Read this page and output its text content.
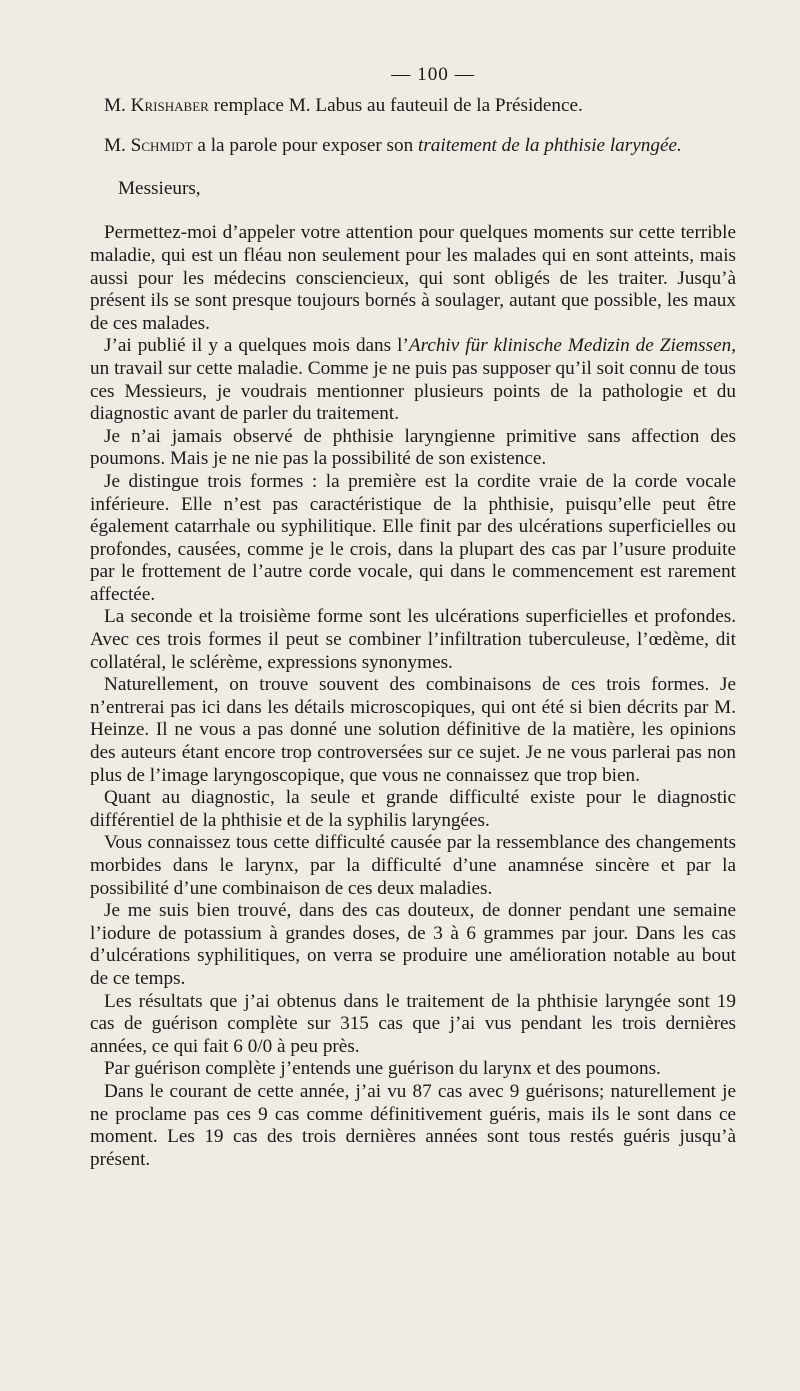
— 100 —

M. Krishaber remplace M. Labus au fauteuil de la Présidence.

M. Schmidt a la parole pour exposer son traitement de la phthisie laryngée.

Messieurs,

Permettez-moi d’appeler votre attention pour quelques moments sur cette terrible maladie, qui est un fléau non seulement pour les malades qui en sont atteints, mais aussi pour les médecins consciencieux, qui sont obligés de les traiter. Jusqu’à présent ils se sont presque toujours bornés à soulager, autant que possible, les maux de ces malades.

J’ai publié il y a quelques mois dans l’Archiv für klinische Medizin de Ziemssen, un travail sur cette maladie. Comme je ne puis pas supposer qu’il soit connu de tous ces Messieurs, je voudrais mentionner plusieurs points de la pathologie et du diagnostic avant de parler du traitement.

Je n’ai jamais observé de phthisie laryngienne primitive sans affection des poumons. Mais je ne nie pas la possibilité de son existence.

Je distingue trois formes : la première est la cordite vraie de la corde vocale inférieure. Elle n’est pas caractéristique de la phthisie, puisqu’elle peut être également catarrhale ou syphilitique. Elle finit par des ulcérations superficielles ou profondes, causées, comme je le crois, dans la plupart des cas par l’usure produite par le frottement de l’autre corde vocale, qui dans le commencement est rarement affectée.

La seconde et la troisième forme sont les ulcérations superficielles et profondes. Avec ces trois formes il peut se combiner l’infiltration tuberculeuse, l’œdème, dit collatéral, le sclérème, expressions synonymes.

Naturellement, on trouve souvent des combinaisons de ces trois formes. Je n’entrerai pas ici dans les détails microscopiques, qui ont été si bien décrits par M. Heinze. Il ne vous a pas donné une solution définitive de la matière, les opinions des auteurs étant encore trop controversées sur ce sujet. Je ne vous parlerai pas non plus de l’image laryngoscopique, que vous ne connaissez que trop bien.

Quant au diagnostic, la seule et grande difficulté existe pour le diagnostic différentiel de la phthisie et de la syphilis laryngées.

Vous connaissez tous cette difficulté causée par la ressemblance des changements morbides dans le larynx, par la difficulté d’une anamnése sincère et par la possibilité d’une combinaison de ces deux maladies.

Je me suis bien trouvé, dans des cas douteux, de donner pendant une semaine l’iodure de potassium à grandes doses, de 3 à 6 grammes par jour. Dans les cas d’ulcérations syphilitiques, on verra se produire une amélioration notable au bout de ce temps.

Les résultats que j’ai obtenus dans le traitement de la phthisie laryngée sont 19 cas de guérison complète sur 315 cas que j’ai vus pendant les trois dernières années, ce qui fait 6 0/0 à peu près.

Par guérison complète j’entends une guérison du larynx et des poumons.

Dans le courant de cette année, j’ai vu 87 cas avec 9 guérisons; naturellement je ne proclame pas ces 9 cas comme définitivement guéris, mais ils le sont dans ce moment. Les 19 cas des trois dernières années sont tous restés guéris jusqu’à présent.
